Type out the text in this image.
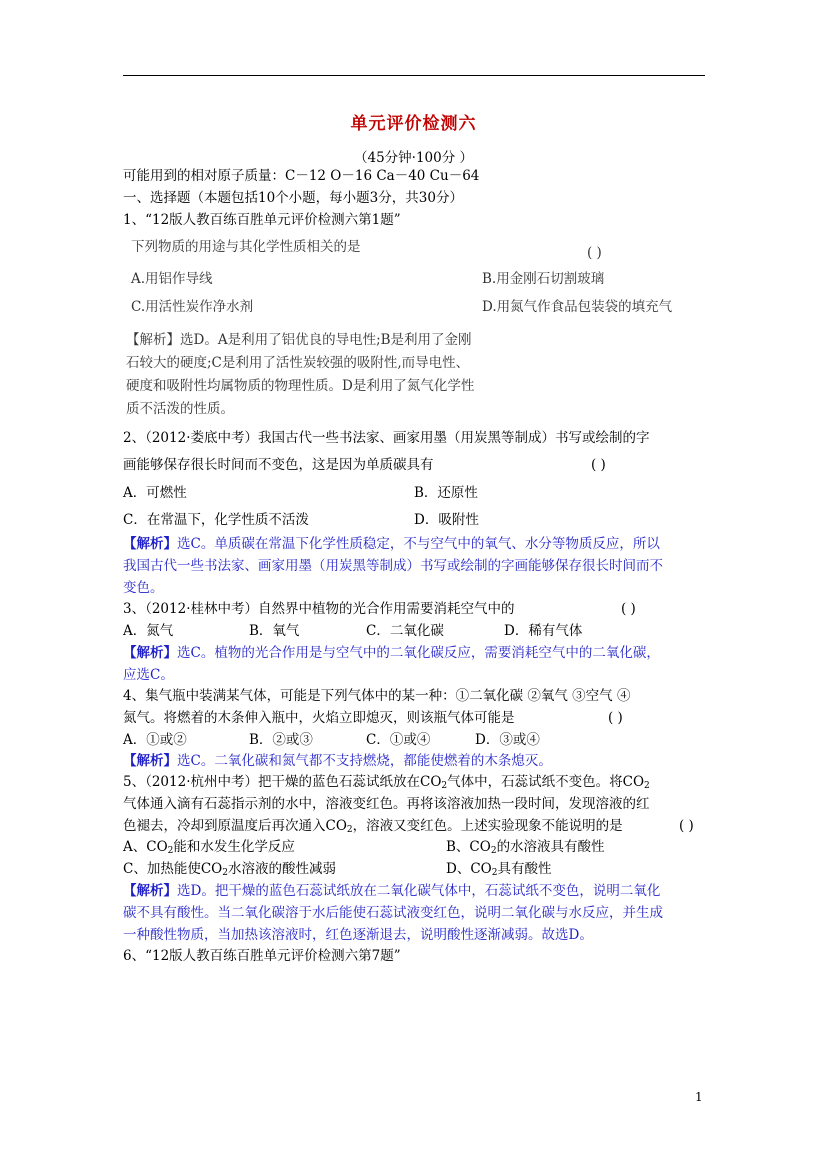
单元评价检测六
（45分钟·100分 ）
可能用到的相对原子质量：C－12 O－16 Ca－40 Cu－64
一、选择题（本题包括10个小题，每小题3分，共30分）
1、“12版人教百练百胜单元评价检测六第1题”
下列物质的用途与其化学性质相关的是	( )
A.用铝作导线	B.用金刚石切割玻璃
C.用活性炭作净水剂	D.用氮气作食品包装袋的填充气
【解析】选D。A是利用了铝优良的导电性;B是利用了金刚
石较大的硬度;C是利用了活性炭较强的吸附性,而导电性、
硬度和吸附性均属物质的物理性质。D是利用了氮气化学性
质不活泼的性质。
2、（2012·娄底中考）我国古代一些书法家、画家用墨（用炭黑等制成）书写或绘制的字
画能够保存很长时间而不变色，这是因为单质碳具有	( )
A．可燃性	B．还原性
C．在常温下，化学性质不活泼	D．吸附性
【解析】选C。单质碳在常温下化学性质稳定，不与空气中的氧气、水分等物质反应，所以
我国古代一些书法家、画家用墨（用炭黑等制成）书写或绘制的字画能够保存很长时间而不
变色。
3、（2012·桂林中考）自然界中植物的光合作用需要消耗空气中的	( )
A．氮气	B．氧气	C．二氧化碳	D．稀有气体
【解析】选C。植物的光合作用是与空气中的二氧化碳反应，需要消耗空气中的二氧化碳，
应选C。
4、集气瓶中装满某气体，可能是下列气体中的某一种：①二氧化碳 ②氧气 ③空气 ④
氮气。将燃着的木条伸入瓶中，火焰立即熄灭，则该瓶气体可能是	( )
A．①或②	B．②或③	C．①或④	D．③或④
【解析】选C。二氧化碳和氮气都不支持燃烧，都能使燃着的木条熄灭。
5、（2012·杭州中考）把干燥的蓝色石蕊试纸放在$CO_2$气体中，石蕊试纸不变色。将$CO_2$
气体通入滴有石蕊指示剂的水中，溶液变红色。再将该溶液加热一段时间，发现溶液的红
色褪去，冷却到原温度后再次通入$CO_2$，溶液又变红色。上述实验现象不能说明的是	( )
A、$CO_2$能和水发生化学反应	B、$CO_2$的水溶液具有酸性
C、加热能使$CO_2$水溶液的酸性减弱	D、$CO_2$具有酸性
【解析】选D。把干燥的蓝色石蕊试纸放在二氧化碳气体中，石蕊试纸不变色，说明二氧化
碳不具有酸性。当二氧化碳溶于水后能使石蕊试液变红色，说明二氧化碳与水反应，并生成
一种酸性物质，当加热该溶液时，红色逐渐退去，说明酸性逐渐减弱。故选D。
6、“12版人教百练百胜单元评价检测六第7题”
1
